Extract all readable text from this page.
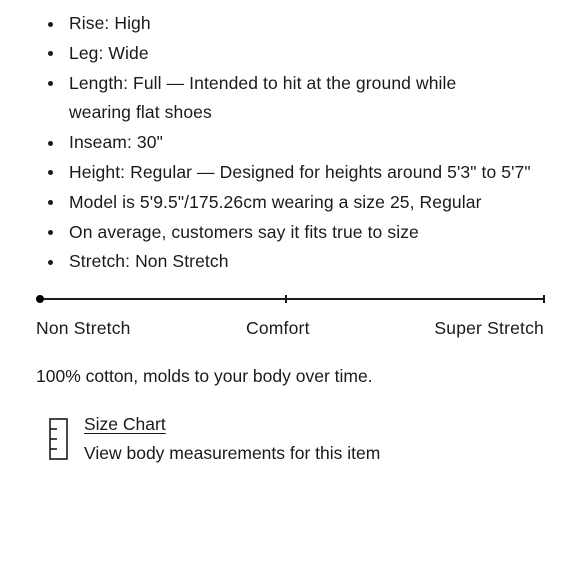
Rise: High
Leg: Wide
Length: Full — Intended to hit at the ground while wearing flat shoes
Inseam: 30"
Height: Regular — Designed for heights around 5'3" to 5'7"
Model is 5'9.5"/175.26cm wearing a size 25, Regular
On average, customers say it fits true to size
Stretch: Non Stretch
Non Stretch	Comfort	Super Stretch

100% cotton, molds to your body over time.

Size Chart
View body measurements for this item
